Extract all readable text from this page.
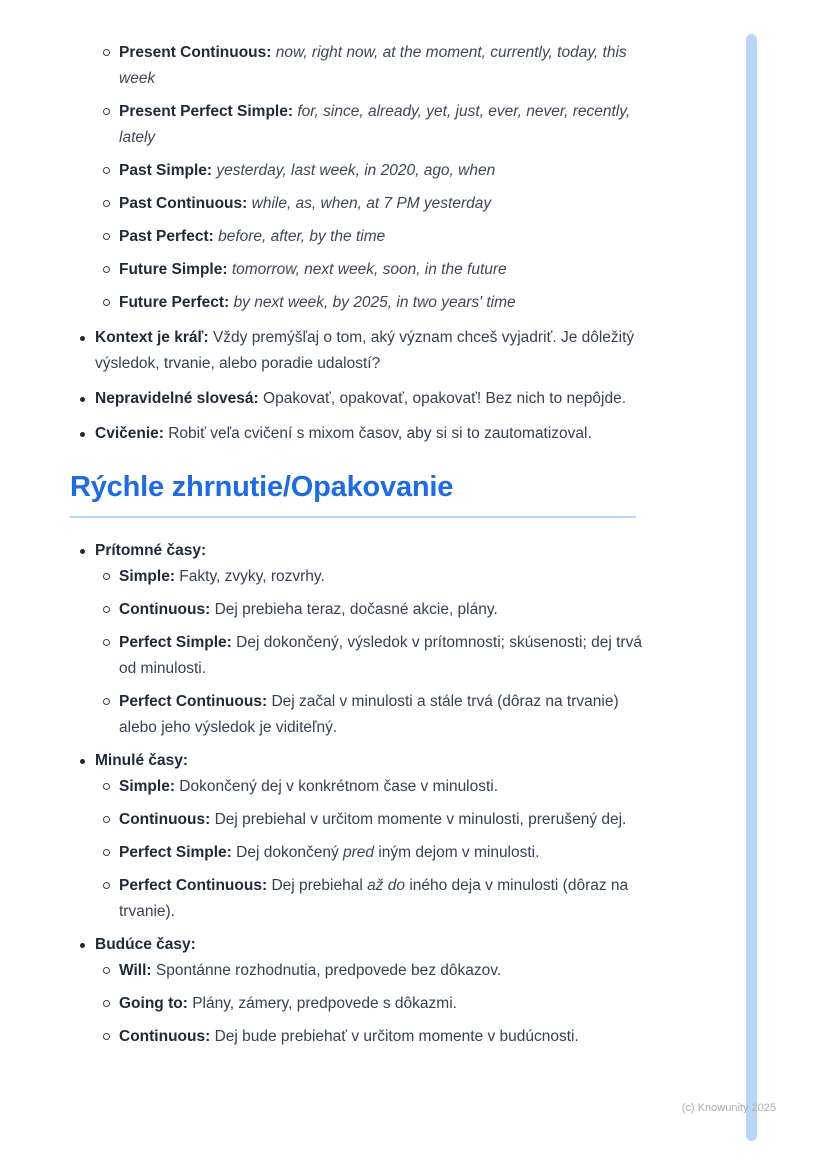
Present Continuous: now, right now, at the moment, currently, today, this week

Present Perfect Simple: for, since, already, yet, just, ever, never, recently, lately

Past Simple: yesterday, last week, in 2020, ago, when

Past Continuous: while, as, when, at 7 PM yesterday

Past Perfect: before, after, by the time

Future Simple: tomorrow, next week, soon, in the future

Future Perfect: by next week, by 2025, in two years' time

Kontext je kráľ: Vždy premýšľaj o tom, aký význam chceš vyjadriť. Je dôležitý výsledok, trvanie, alebo poradie udalostí?

Nepravidelné slovesá: Opakovať, opakovať, opakovať! Bez nich to nepôjde.

Cvičenie: Robiť veľa cvičení s mixom časov, aby si si to zautomatizoval.

Rýchle zhrnutie/Opakovanie

Prítomné časy:

Simple: Fakty, zvyky, rozvrhy.

Continuous: Dej prebieha teraz, dočasné akcie, plány.

Perfect Simple: Dej dokončený, výsledok v prítomnosti; skúsenosti; dej trvá od minulosti.

Perfect Continuous: Dej začal v minulosti a stále trvá (dôraz na trvanie) alebo jeho výsledok je viditeľný.

Minulé časy:

Simple: Dokončený dej v konkrétnom čase v minulosti.

Continuous: Dej prebiehal v určitom momente v minulosti, prerušený dej.

Perfect Simple: Dej dokončený pred iným dejom v minulosti.

Perfect Continuous: Dej prebiehal až do iného deja v minulosti (dôraz na trvanie).

Budúce časy:

Will: Spontánne rozhodnutia, predpovede bez dôkazov.

Going to: Plány, zámery, predpovede s dôkazmi.

Continuous: Dej bude prebiehať v určitom momente v budúcnosti.

(c) Knowunity 2025
